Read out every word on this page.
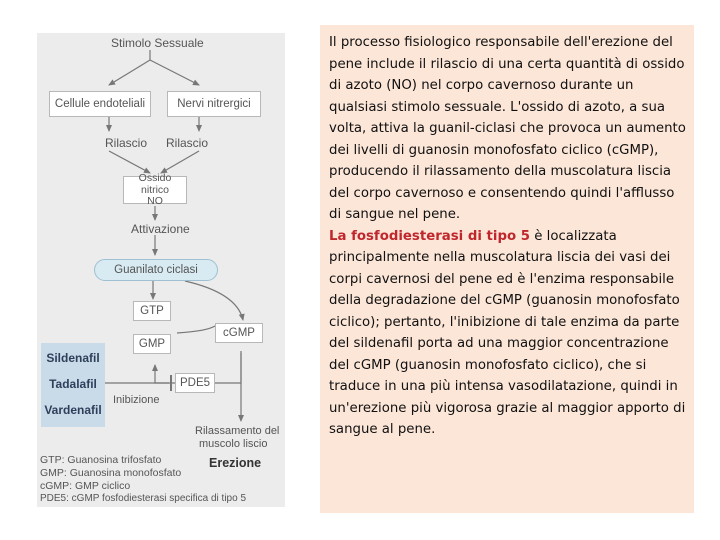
Stimolo Sessuale
Cellule endoteliali	Nervi nitrergici
Rilascio Rilascio
Ossido nitrico
NO
Attivazione
Guanilato ciclasi
GTP
GMP
cGMP
PDE5
Sildenafil
Tadalafil
Vardenafil
Inibizione
Rilassamento del
muscolo liscio
Erezione
GTP: Guanosina trifosfato
GMP: Guanosina monofosfato
cGMP: GMP ciclico
PDE5: cGMP fosfodiesterasi specifica di tipo 5

Il processo fisiologico responsabile dell'erezione del pene include il rilascio di una certa quantità di ossido di azoto (NO) nel corpo cavernoso durante un qualsiasi stimolo sessuale. L'ossido di azoto, a sua volta, attiva la guanil-ciclasi che provoca un aumento dei livelli di guanosin monofosfato ciclico (cGMP), producendo il rilassamento della muscolatura liscia del corpo cavernoso e consentendo quindi l'afflusso di sangue nel pene.
La fosfodiesterasi di tipo 5 è localizzata principalmente nella muscolatura liscia dei vasi dei corpi cavernosi del pene ed è l'enzima responsabile della degradazione del cGMP (guanosin monofosfato ciclico); pertanto, l'inibizione di tale enzima da parte del sildenafil porta ad una maggior concentrazione del cGMP (guanosin monofosfato ciclico), che si traduce in una più intensa vasodilatazione, quindi in un'erezione più vigorosa grazie al maggior apporto di sangue al pene.
